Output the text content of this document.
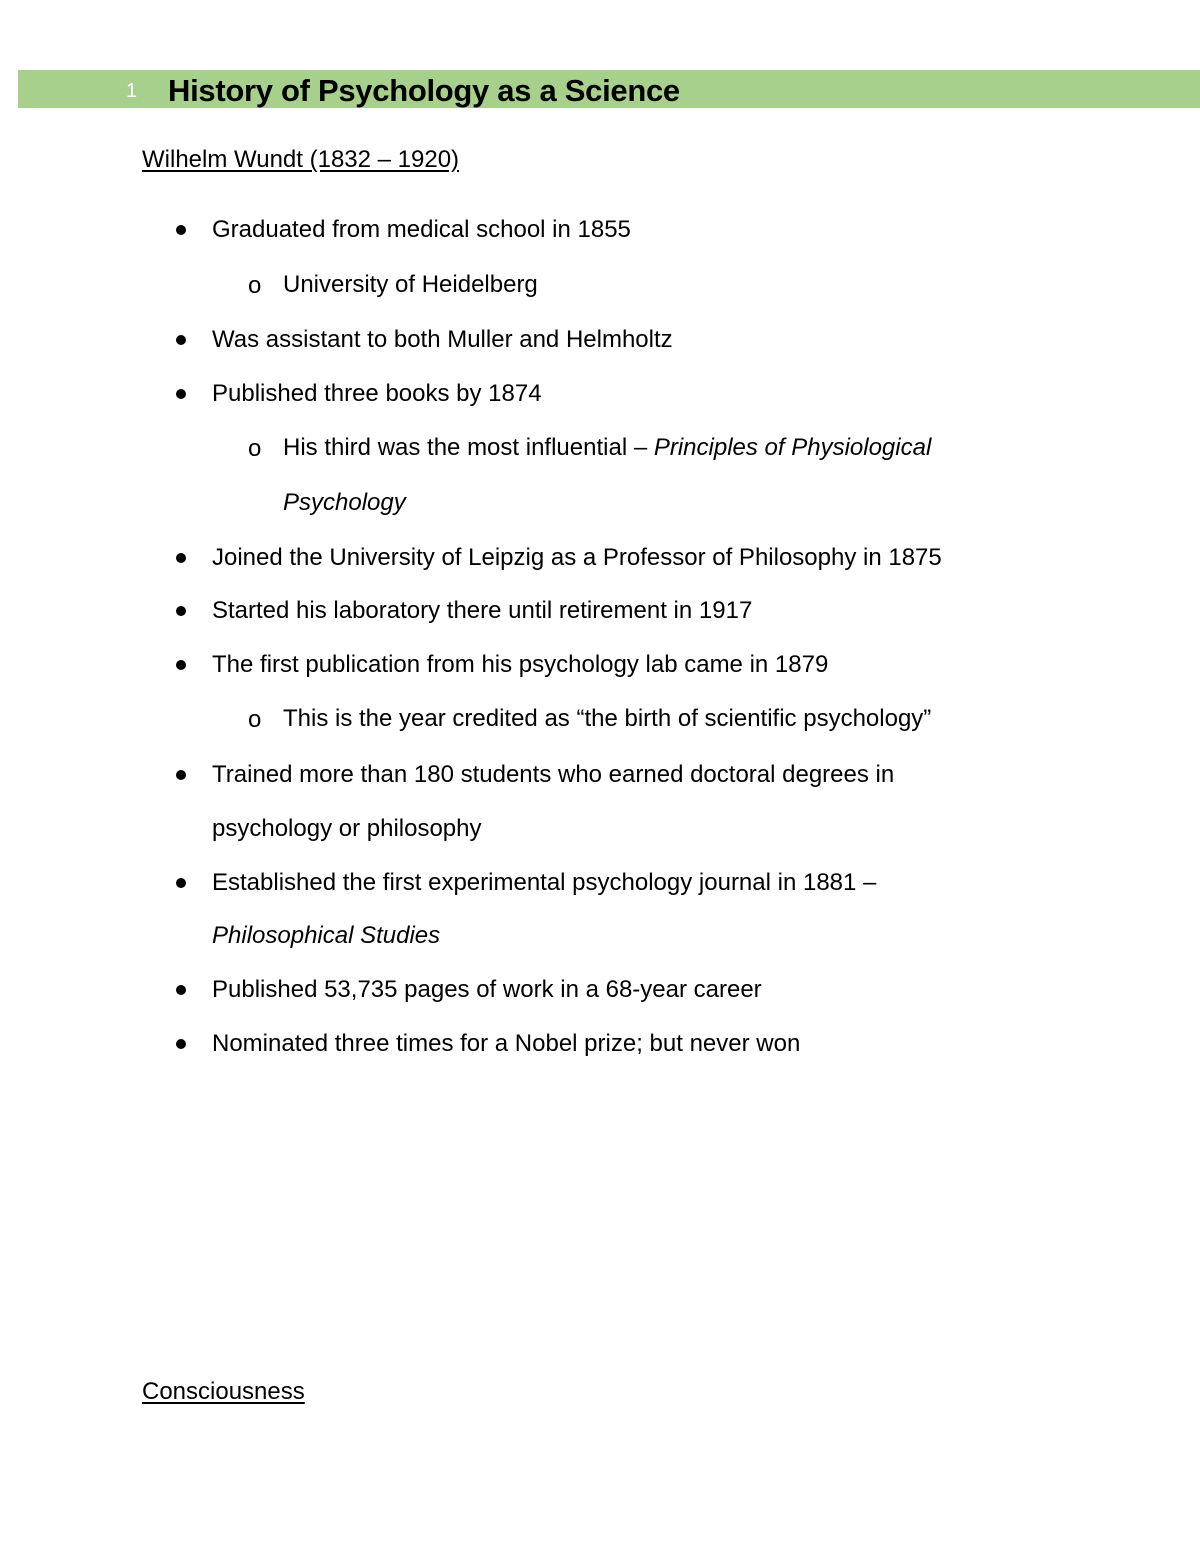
1 History of Psychology as a Science
Wilhelm Wundt (1832 – 1920)
Graduated from medical school in 1855
o University of Heidelberg
Was assistant to both Muller and Helmholtz
Published three books by 1874
o His third was the most influential – Principles of Physiological
Psychology
Joined the University of Leipzig as a Professor of Philosophy in 1875
Started his laboratory there until retirement in 1917
The first publication from his psychology lab came in 1879
o This is the year credited as “the birth of scientific psychology”
Trained more than 180 students who earned doctoral degrees in
psychology or philosophy
Established the first experimental psychology journal in 1881 –
Philosophical Studies
Published 53,735 pages of work in a 68-year career
Nominated three times for a Nobel prize; but never won
Consciousness
